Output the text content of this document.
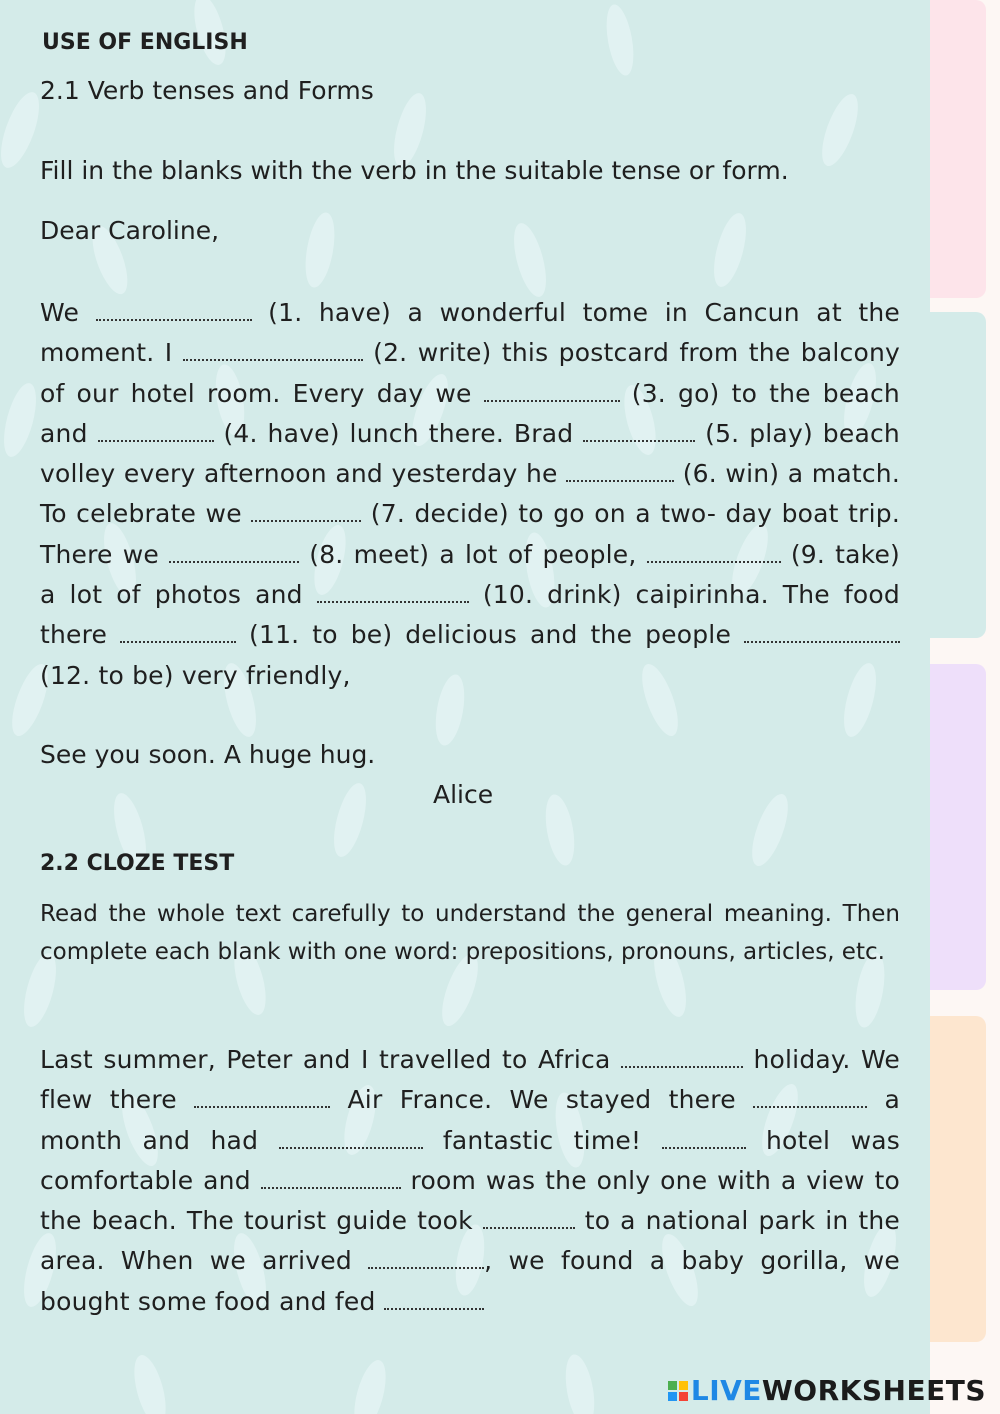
USE OF ENGLISH
2.1 Verb tenses and Forms
Fill in the blanks with the verb in the suitable tense or form.
Dear Caroline,
We	(1. have) a wonderful tome in Cancun at the moment. I	(2. write) this postcard from the balcony of our hotel room. Every day we	(3. go) to the beach and	(4. have) lunch there. Brad	(5. play) beach volley every afternoon and yesterday he	(6. win) a match. To celebrate we	(7. decide) to go on a two- day boat trip. There we	(8. meet) a lot of people,	(9. take) a lot of photos and	(10. drink) caipirinha. The food there	(11. to be) delicious and the people  (12. to be) very friendly,
See you soon. A huge hug.
Alice
2.2 CLOZE TEST
Read the whole text carefully to understand the general meaning. Then complete each blank with one word: prepositions, pronouns, articles, etc.
Last summer, Peter and I travelled to Africa	holiday. We flew there	Air France. We stayed there	a month and had	fantastic time!	hotel was comfortable and	room was the only one with a view to the beach. The tourist guide took	to a national park in the area. When we arrived	, we found a baby gorilla, we bought some food and fed
LIVE WORKSHEETS
